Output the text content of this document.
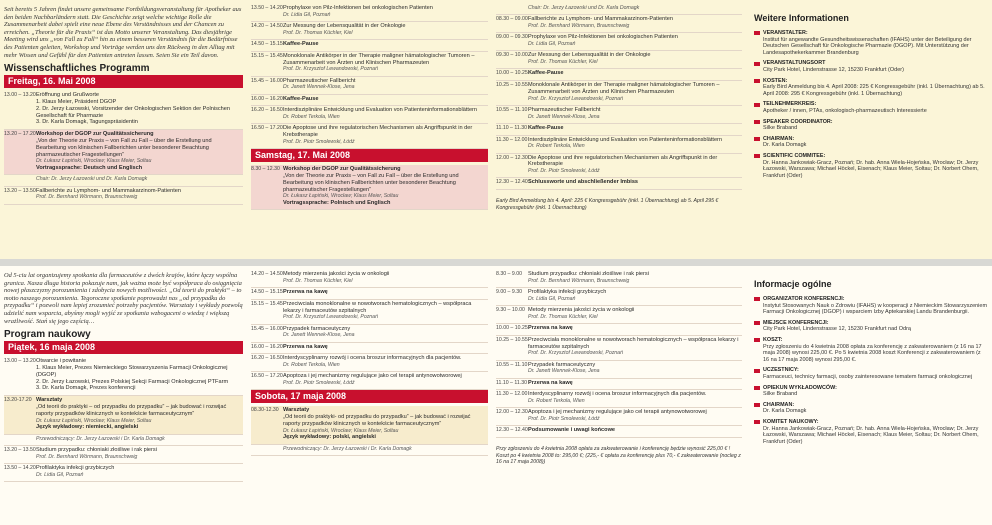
Seit bereits 5 Jahren findet unsere gemeinsame Fortbildungsveranstaltung für Apotheker aus den beiden Nachbarländern statt. Die Geschichte zeigt welche wichtige Rolle die Zusammenarbeit dabei spielt eine neue Ebene des Verständnisses und der Chancen zu erreichen. „Theorie für die Praxis“ ist das Motto unserer Veranstaltung. Das diesjährige Meeting wird uns „von Fall zu Fall“ hin zu einem besseren Verständnis für die Bedürfnisse des Patienten geleiten, Workshop und Vorträge werden uns den Rückweg in den Alltag mit mehr Wissen und Gefühl für den Patienten antreten lassen. Seien Sie ein Teil davon.

Wissenschaftliches Programm
Freitag, 16. Mai 2008
13.00 – 13.20 Eröffnung und Grußworte
1. Klaus Meier, Präsident DGOP
2. Dr. Jerzy Łazowski, Vorsitzender der Onkologischen Sektion der Polnischen Gesellschaft für Pharmazie
3. Dr. Karla Domagk, Tagungspräsidentin
13.20 – 17.20 Workshop der DGOP zur Qualitätssicherung
„Von der Theorie zur Praxis – von Fall zu Fall – über die Erstellung und Bearbeitung von klinischen Fallberichten unter besonderer Beachtung pharmazeutischer Fragestellungen“
Dr. Łukasz Łapiński, Wrocław; Klaus Meier, Soltau
Vortragssprache: Deutsch und Englisch
Chair: Dr. Jerzy Łazowski und Dr. Karla Domagk
13.20 – 13.50 Fallberichte zu Lymphom- und Mammakarzinom-Patienten
Prof. Dr. Bernhard Wörmann, Braunschweig
13.50 – 14.20 Prophylaxe von Pilz-Infektionen bei onkologischen Patienten
Dr. Lidia Gil, Poznań
14.20 – 14.50 Zur Messung der Lebensqualität in der Onkologie
Prof. Dr. Thomas Küchler, Kiel
14.50 – 15.15 Kaffee-Pause
15.15 – 15.45 Monoklonale Antikörper in der Therapie maligner hämatologischer Tumoren – Zusammenarbeit von Ärzten und Klinischen Pharmazeuten
Prof. Dr. Krzysztof Lewandowski, Poznań
15.45 – 16.00 Pharmazeutischer Fallbericht
Dr. Janett Wennek-Klose, Jena
16.00 – 16.20 Kaffee-Pause
16.20 – 16.50 Interdisziplinäre Entwicklung und Evaluation von Patienteninformationsblättern
Dr. Robert Terkola, Wien
16.50 – 17.20 Die Apoptose und ihre regulatorischen Mechanismen als Angriffspunkt in der Krebstherapie
Prof. Dr. Piotr Smolewski, Łódź
Samstag, 17. Mai 2008
8.30 – 12.30 Workshop der DGOP zur Qualitätssicherung
„Von der Theorie zur Praxis – von Fall zu Fall – über die Erstellung und Bearbeitung von klinischen Fallberichten unter besonderer Beachtung pharmazeutischer Fragestellungen“
Dr. Łukasz Łapiński, Wrocław; Klaus Meier, Soltau
Vortragssprache: Polnisch und Englisch
Chair: Dr. Jerzy Łazowski und Dr. Karla Domagk
08.30 – 09.00 Fallberichte zu Lymphom- und Mammakarzinom-Patienten
Prof. Dr. Bernhard Wörmann, Braunschweig
09.00 – 09.30 Prophylaxe von Pilz-Infektionen bei onkologischen Patienten
Dr. Lidia Gil, Poznań
09.30 – 10.00 Zur Messung der Lebensqualität in der Onkologie
Prof. Dr. Thomas Küchler, Kiel
10.00 – 10.25 Kaffee-Pause
10.25 – 10.55 Monoklonale Antikörper in der Therapie maligner hämatologischer Tumoren – Zusammenarbeit von Ärzten und Klinischen Pharmazeuten
Prof. Dr. Krzysztof Lewandowski, Poznań
10.55 – 11.10 Pharmazeutischer Fallbericht
Dr. Janett Wennek-Klose, Jena
11.10 – 11.30 Kaffee-Pause
11.30 – 12.00 Interdisziplinäre Entwicklung und Evaluation von Patienteninformationsblättern
Dr. Robert Terkola, Wien
12.00 – 12.30 Die Apoptose und ihre regulatorischen Mechanismen als Angriffspunkt in der Krebstherapie
Prof. Dr. Piotr Smolewski, Łódź
12.30 – 12.40 Schlussworte und abschließender Imbiss

Early Bird Anmeldung bis 4. April: 225 € Kongressgebühr (inkl. 1 Übernachtung) ab 5. April 295 € Kongressgebühr (inkl. 1 Übernachtung)

Weitere Informationen
VERANSTALTER:
Institut für angewandte Gesundheitswissenschaften (IFAHS) unter der Beteiligung der Deutschen Gesellschaft für Onkologische Pharmazie (DGOP). Mit Unterstützung der Landesapothekerkammer Brandenburg
VERANSTALTUNGSORT
City Park Hotel, Lindenstrasse 12, 15230 Frankfurt (Oder)
KOSTEN:
Early Bird Anmeldung bis 4. April 2008: 225 € Kongressgebühr (inkl. 1 Übernachtung) ab 5. April 2008: 295 € Kongressgebühr (inkl. 1 Übernachtung)
TEILNEHMERKREIS:
Apotheker / innen, PTAs, onkologisch-pharmazeutisch Interessierte
SPEAKER COORDINATOR:
Silke Braband
CHAIRMAN:
Dr. Karla Domagk
SCIENTIFIC COMMITEE:
Dr. Hanna Jankowiak-Gracz, Poznań; Dr. hab. Anna Wiela-Hojeńska, Wrocław; Dr. Jerzy Łazowski, Warszawa; Michael Höckel, Eisenach; Klaus Meier, Soltau; Dr. Norbert Ohem, Frankfurt (Oder)

Od 5-ciu lat organizujemy spotkania dla farmaceutów z dwóch krajów, które łączy wspólna granica. Nasza długa historia pokazuje nam, jak ważna może być współpraca do osiągnięcia nowej płaszczyzny porozumienia i zdobycia nowych możliwości. „Od teorii do praktyki“ – to motto naszego porozumienia. Tegoroczne spotkanie poprowadzi nas „od przypadku do przypadku“ i pozwoli nam lepiej zrozumieć potrzeby pacjentów. Warsztaty i wykłady pozwolą udzielić nam wsparcia, abyśmy mogli wyjść ze spotkania wzbogaceni o wiedzę i większą wrażliwość. Stań się jego częścią…

Program naukowy
Piątek, 16 maja 2008
13.00 – 13.20 Otwarcie i powitanie
1. Klaus Meier, Prezes Niemieckiego Stowarzyszenia Farmacji Onkologicznej (DGOP)
2. Dr. Jerzy Łazowski, Prezes Polskiej Sekcji Farmacji Onkologicznej PTFarm
3. Dr. Karla Domagk, Prezes konferencji
13.20-17.20 Warsztaty
„Od teorii do praktyki – od przypadku do przypadku“ – jak budować i rozwijać raporty przypadków klinicznych w kontekście farmaceutycznym“
Dr. Łukasz Łapiński, Wrocław; Klaus Meier, Soltau
Język wykładowy: niemiecki, angielski
Przewodniczący: Dr. Jerzy Łazowski i Dr. Karla Domagk
13.20 – 13.50 Studium przypadku: chłoniaki złośliwe i rak piersi
Prof. Dr. Bernhard Wörmann, Braunschweig
13.50 – 14.20 Profilaktyka infekcji grzybiczych
Dr. Lidia Gil, Poznań
14.20 – 14.50 Metody mierzenia jakości życia w onkologii
Prof. Dr. Thomas Küchler, Kiel
14.50 – 15.15 Przerwa na kawę
15.15 – 15.45 Przeciwciała monoklonalne w nowotworach hematologicznych – współpraca lekarzy i farmaceutów szpitalnych
Prof. Dr. Krzysztof Lewandowski, Poznań
15.45 – 16.00 Przypadek farmaceutyczny
Dr. Janett Wennek-Klose, Jena
16.00 – 16.20 Przerwa na kawę
16.20 – 16.50 Interdyscyplinarny rozwój i ocena broszur informacyjnych dla pacjentów.
Dr. Robert Terkola, Wien
16.50 – 17.20 Apoptoza i jej mechanizmy regulujące jako cel terapii antynowotworowej
Prof. Dr. Piotr Smolewski, Łódź
Sobota, 17 maja 2008
08.30-12.30 Warsztaty
„Od teorii do praktyki- od przypadku do przypadku“ – jak budować i rozwijać raporty przypadków klinicznych w kontekście farmaceutycznym“
Dr. Łukasz Łapiński, Wrocław; Klaus Meier, Soltau
Język wykładowy: polski, angielski
Przewodniczący: Dr. Jerzy Łazowski i Dr. Karla Domagk
8.30 – 9.00	Studium przypadku: chłoniaki złośliwe i rak piersi
Prof. Dr. Bernhard Wörmann, Braunschweig
9.00 – 9.30	Profilaktyka infekcji grzybiczych
Dr. Lidia Gil, Poznań
9.30 – 10.00 Metody mierzenia jakości życia w onkologii
Prof. Dr. Thomas Küchler, Kiel
10.00 – 10.25 Przerwa na kawę
10.25 – 10.55 Przeciwciała monoklonalne w nowotworach hematologicznych – współpraca lekarzy i farmaceutów szpitalnych
Prof. Dr. Krzysztof Lewandowski, Poznań
10.55 – 11.10 Przypadek farmaceutyczny
Dr. Janett Wennek-Klose, Jena
11.10 – 11.30 Przerwa na kawę
11.30 – 12.00 Interdyscyplinarny rozwój i ocena broszur informacyjnych dla pacjentów.
Dr. Robert Terkola, Wien
12.00 – 12.30 Apoptoza i jej mechanizmy regulujące jako cel terapii antynowotworowej
Prof. Dr. Piotr Smolewski, Łódź
12.30 – 12.40 Podsumowanie i uwagi końcowe

Przy zgłoszeniu do 4 kwietnia 2008 opłata za zakwaterowanie i konferencję będzie wynosić 225,00 € ! Koszt po 4 kwietnia 2008 to: 295,00 €; (225,- € opłata za konferencję plus 70,- € zakwaterowanie (nocleg z 16 na 17 maja 2008))

Informacje ogólne
ORGANIZATOR KONFERENCJI:
Instytut Stosowanych Nauk o Zdrowiu (IFAHS) w kooperacji z Niemieckim Stowarzyszeniem Farmacji Onkologicznej (DGOP) i wsparciem Izby Aptekarskiej Landu Brandenburgii.
MIEJSCE KONFERENCJI:
City Park Hotel, Lindenstrasse 12, 15230 Frankfurt nad Odrą
KOSZT:
Przy zgłoszeniu do 4 kwietnia 2008 opłata za konferencję z zakwaterowaniem (z 16 na 17 maja 2008) wynosi 225,00 €. Po 5 kwietnia 2008 koszt Konferencji z zakwaterowaniem (z 16 na 17 maja 2008) wynosi 295,00 €.
UCZESTNICY:
Farmaceuci, technicy farmacji, osoby zainteresowane tematem farmacji onkologicznej
OPIEKUN WYKŁADOWCÓW:
Silke Braband
CHAIRMAN:
Dr. Karla Domagk
KOMITET NAUKOWY:
Dr. Hanna Jankowiak-Gracz, Poznań; Dr. hab. Anna Wiela-Hojeńska, Wrocław; Dr. Jerzy Łazowski, Warszawa; Michael Höckel, Eisenach; Klaus Meier, Soltau; Dr. Norbert Ohem, Frankfurt (Oder)
